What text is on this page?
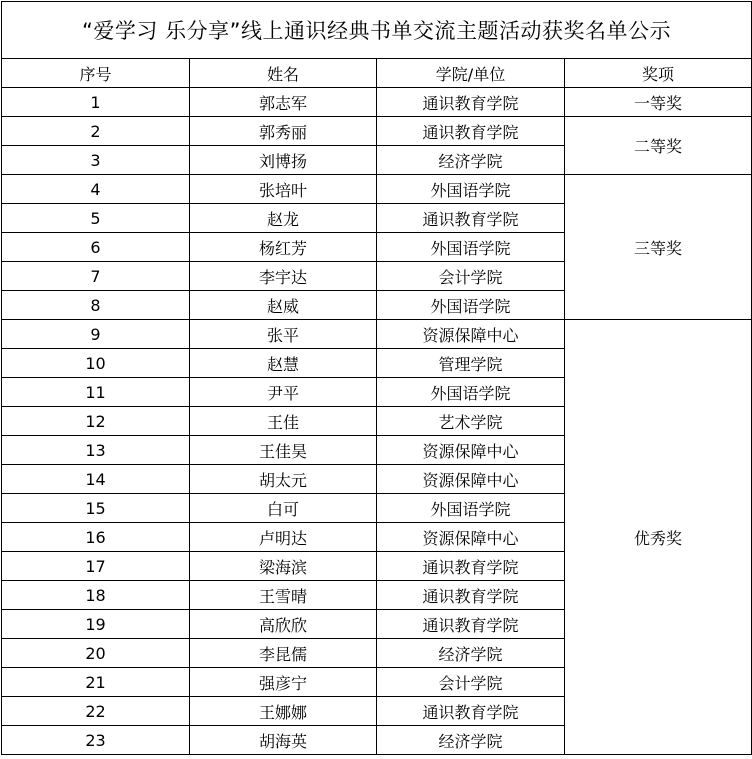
“爱学习 乐分享”线上通识经典书单交流主题活动获奖名单公示			
序号	姓名	学院/单位	奖项
1	郭志军	通识教育学院	一等奖
2	郭秀丽	通识教育学院	二等奖
3	刘博扬	经济学院	
4	张培叶	外国语学院	三等奖
5	赵龙	通识教育学院	
6	杨红芳	外国语学院	
7	李宇达	会计学院	
8	赵威	外国语学院	
9	张平	资源保障中心	优秀奖
10	赵慧	管理学院	
11	尹平	外国语学院	
12	王佳	艺术学院	
13	王佳昊	资源保障中心	
14	胡太元	资源保障中心	
15	白可	外国语学院	
16	卢明达	资源保障中心	
17	梁海滨	通识教育学院	
18	王雪晴	通识教育学院	
19	高欣欣	通识教育学院	
20	李昆儒	经济学院	
21	强彦宁	会计学院	
22	王娜娜	通识教育学院	
23	胡海英	经济学院	
